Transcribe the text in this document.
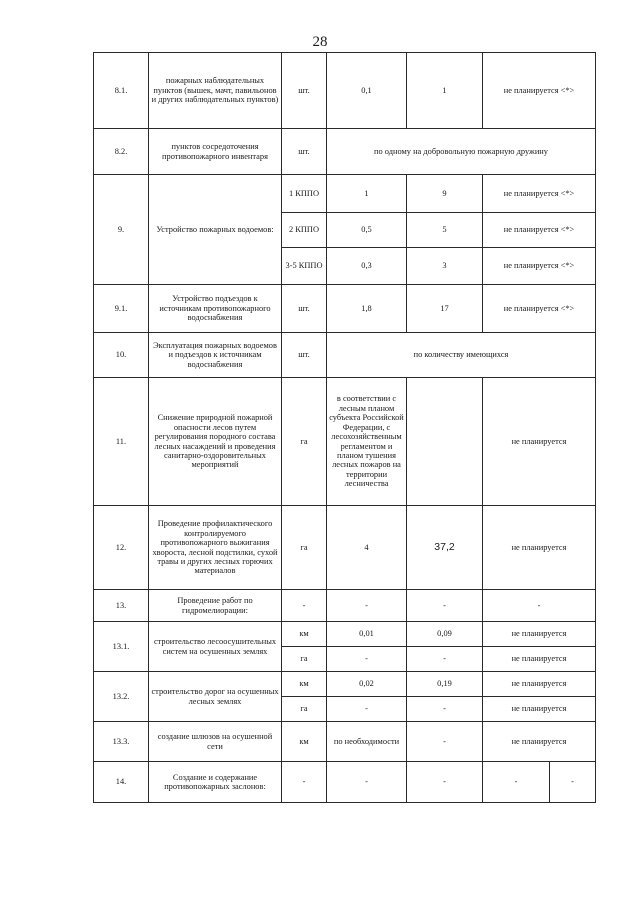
28
8.1.	пожарных наблюдательных пунктов (вышек, мачт, павильонов и других наблюдательных пунктов)	шт.	0,1	1	не планируется <*>	
8.2.	пунктов сосредоточения противопожарного инвентаря	шт.	по одному на добровольную пожарную дружину			
9.	Устройство пожарных водоемов:	1 КППО	1	9	не планируется <*>	
		2 КППО	0,5	5	не планируется <*>	
		3-5 КППО	0,3	3	не планируется <*>	
9.1.	Устройство подъездов к источникам противопожарного водоснабжения	шт.	1,8	17	не планируется <*>	
10.	Эксплуатация пожарных водоемов и подъездов к источникам водоснабжения	шт.	по количеству имеющихся			
11.	Снижение природной пожарной опасности лесов путем регулирования породного состава лесных насаждений и проведения санитарно-оздоровительных мероприятий	га	в соответствии с лесным планом субъекта Российской Федерации, с лесохозяйственным регламентом и планом тушения лесных пожаров на территории лесничества		не планируется	
12.	Проведение профилактического контролируемого противопожарного выжигания хвороста, лесной подстилки, сухой травы и других лесных горючих материалов	га	4	37,2	не планируется	
13.	Проведение работ по гидромелиорации:	-	-	-	-	
13.1.	строительство лесоосушительных систем на осушенных землях	км	0,01	0,09	не планируется	
		га	-	-	не планируется	
13.2.	строительство дорог на осушенных лесных землях	км	0,02	0,19	не планируется	
		га	-	-	не планируется	
13.3.	создание шлюзов на осушенной сети	км	по необходимости	-	не планируется	
14.	Создание и содержание противопожарных заслонов:	-	-	-	-	-
